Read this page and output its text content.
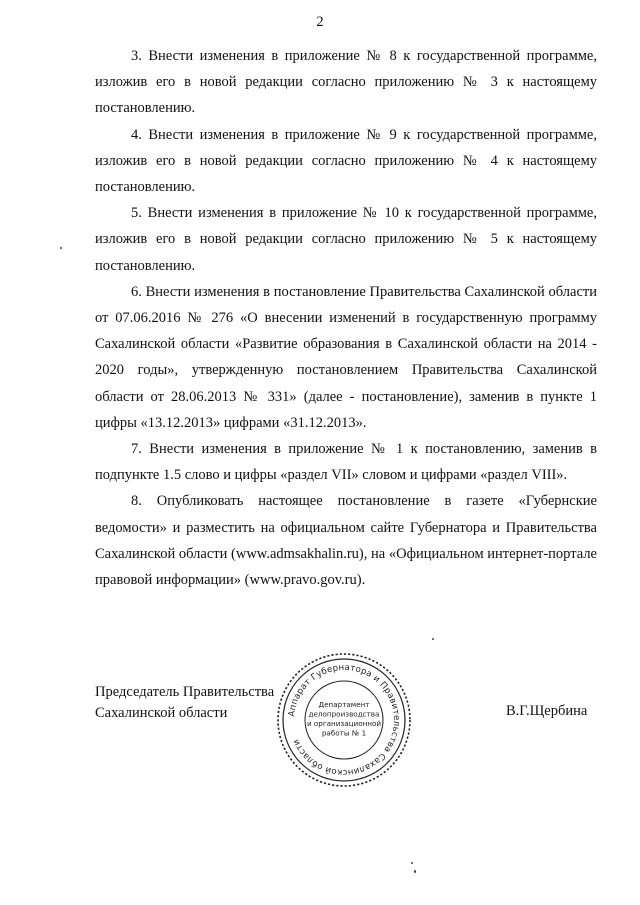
2

3. Внести изменения в приложение № 8 к государственной программе, изложив его в новой редакции согласно приложению № 3 к настоящему постановлению.

4. Внести изменения в приложение № 9 к государственной программе, изложив его в новой редакции согласно приложению № 4 к настоящему постановлению.

5. Внести изменения в приложение № 10 к государственной программе, изложив его в новой редакции согласно приложению № 5 к настоящему постановлению.

6. Внести изменения в постановление Правительства Сахалинской области от 07.06.2016 № 276 «О внесении изменений в государственную программу Сахалинской области «Развитие образования в Сахалинской области на 2014 - 2020 годы», утвержденную постановлением Правительства Сахалинской области от 28.06.2013 № 331» (далее - постановление), заменив в пункте 1 цифры «13.12.2013» цифрами «31.12.2013».

7. Внести изменения в приложение № 1 к постановлению, заменив в подпункте 1.5 слово и цифры «раздел VII» словом и цифрами «раздел VIII».

8. Опубликовать настоящее постановление в газете «Губернские ведомости» и разместить на официальном сайте Губернатора и Правительства Сахалинской области (www.admsakhalin.ru), на «Официальном интернет-портале правовой информации» (www.pravo.gov.ru).

Председатель Правительства
Сахалинской области	Аппарат Губернатора и Правительства Сахалинской области
Департамент
делопроизводства
и организационной
работы № 1
В.Г.Щербина
